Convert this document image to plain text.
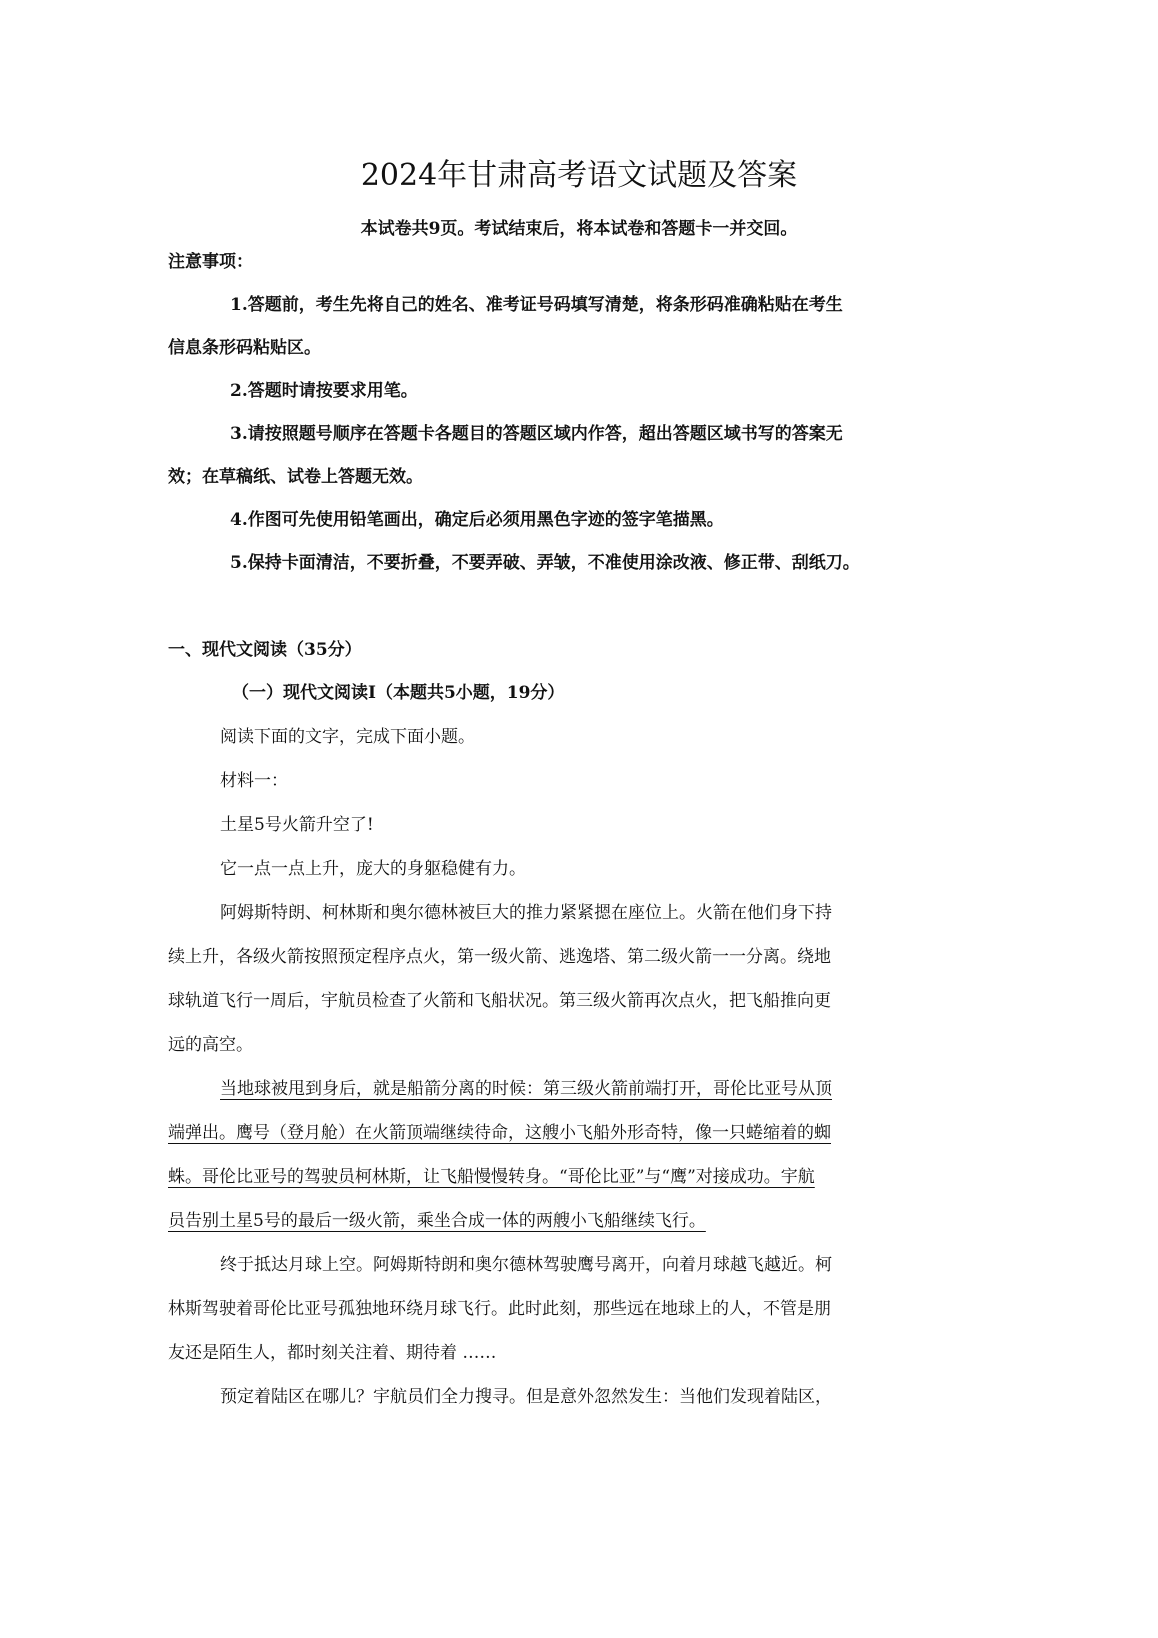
2024年甘肃高考语文试题及答案
本试卷共9页。考试结束后，将本试卷和答题卡一并交回。
注意事项：
1.答题前，考生先将自己的姓名、准考证号码填写清楚，将条形码准确粘贴在考生
信息条形码粘贴区。
2.答题时请按要求用笔。
3.请按照题号顺序在答题卡各题目的答题区域内作答，超出答题区域书写的答案无
效；在草稿纸、试卷上答题无效。
4.作图可先使用铅笔画出，确定后必须用黑色字迹的签字笔描黑。
5.保持卡面清洁，不要折叠，不要弄破、弄皱，不准使用涂改液、修正带、刮纸刀。
一、现代文阅读（35分）
（一）现代文阅读Ⅰ（本题共5小题，19分）
阅读下面的文字，完成下面小题。
材料一：
土星5号火箭升空了!
它一点一点上升，庞大的身躯稳健有力。
阿姆斯特朗、柯林斯和奥尔德林被巨大的推力紧紧摁在座位上。火箭在他们身下持
续上升，各级火箭按照预定程序点火，第一级火箭、逃逸塔、第二级火箭一一分离。绕地
球轨道飞行一周后，宇航员检查了火箭和飞船状况。第三级火箭再次点火，把飞船推向更
远的高空。
当地球被甩到身后，就是船箭分离的时候：第三级火箭前端打开，哥伦比亚号从顶
端弹出。鹰号（登月舱）在火箭顶端继续待命，这艘小飞船外形奇特，像一只蜷缩着的蜘
蛛。哥伦比亚号的驾驶员柯林斯，让飞船慢慢转身。“哥伦比亚”与“鹰”对接成功。宇航
员告别土星5号的最后一级火箭，乘坐合成一体的两艘小飞船继续飞行。
终于抵达月球上空。阿姆斯特朗和奥尔德林驾驶鹰号离开，向着月球越飞越近。柯
林斯驾驶着哥伦比亚号孤独地环绕月球飞行。此时此刻，那些远在地球上的人，不管是朋
友还是陌生人，都时刻关注着、期待着 ……
预定着陆区在哪儿？宇航员们全力搜寻。但是意外忽然发生：当他们发现着陆区，
